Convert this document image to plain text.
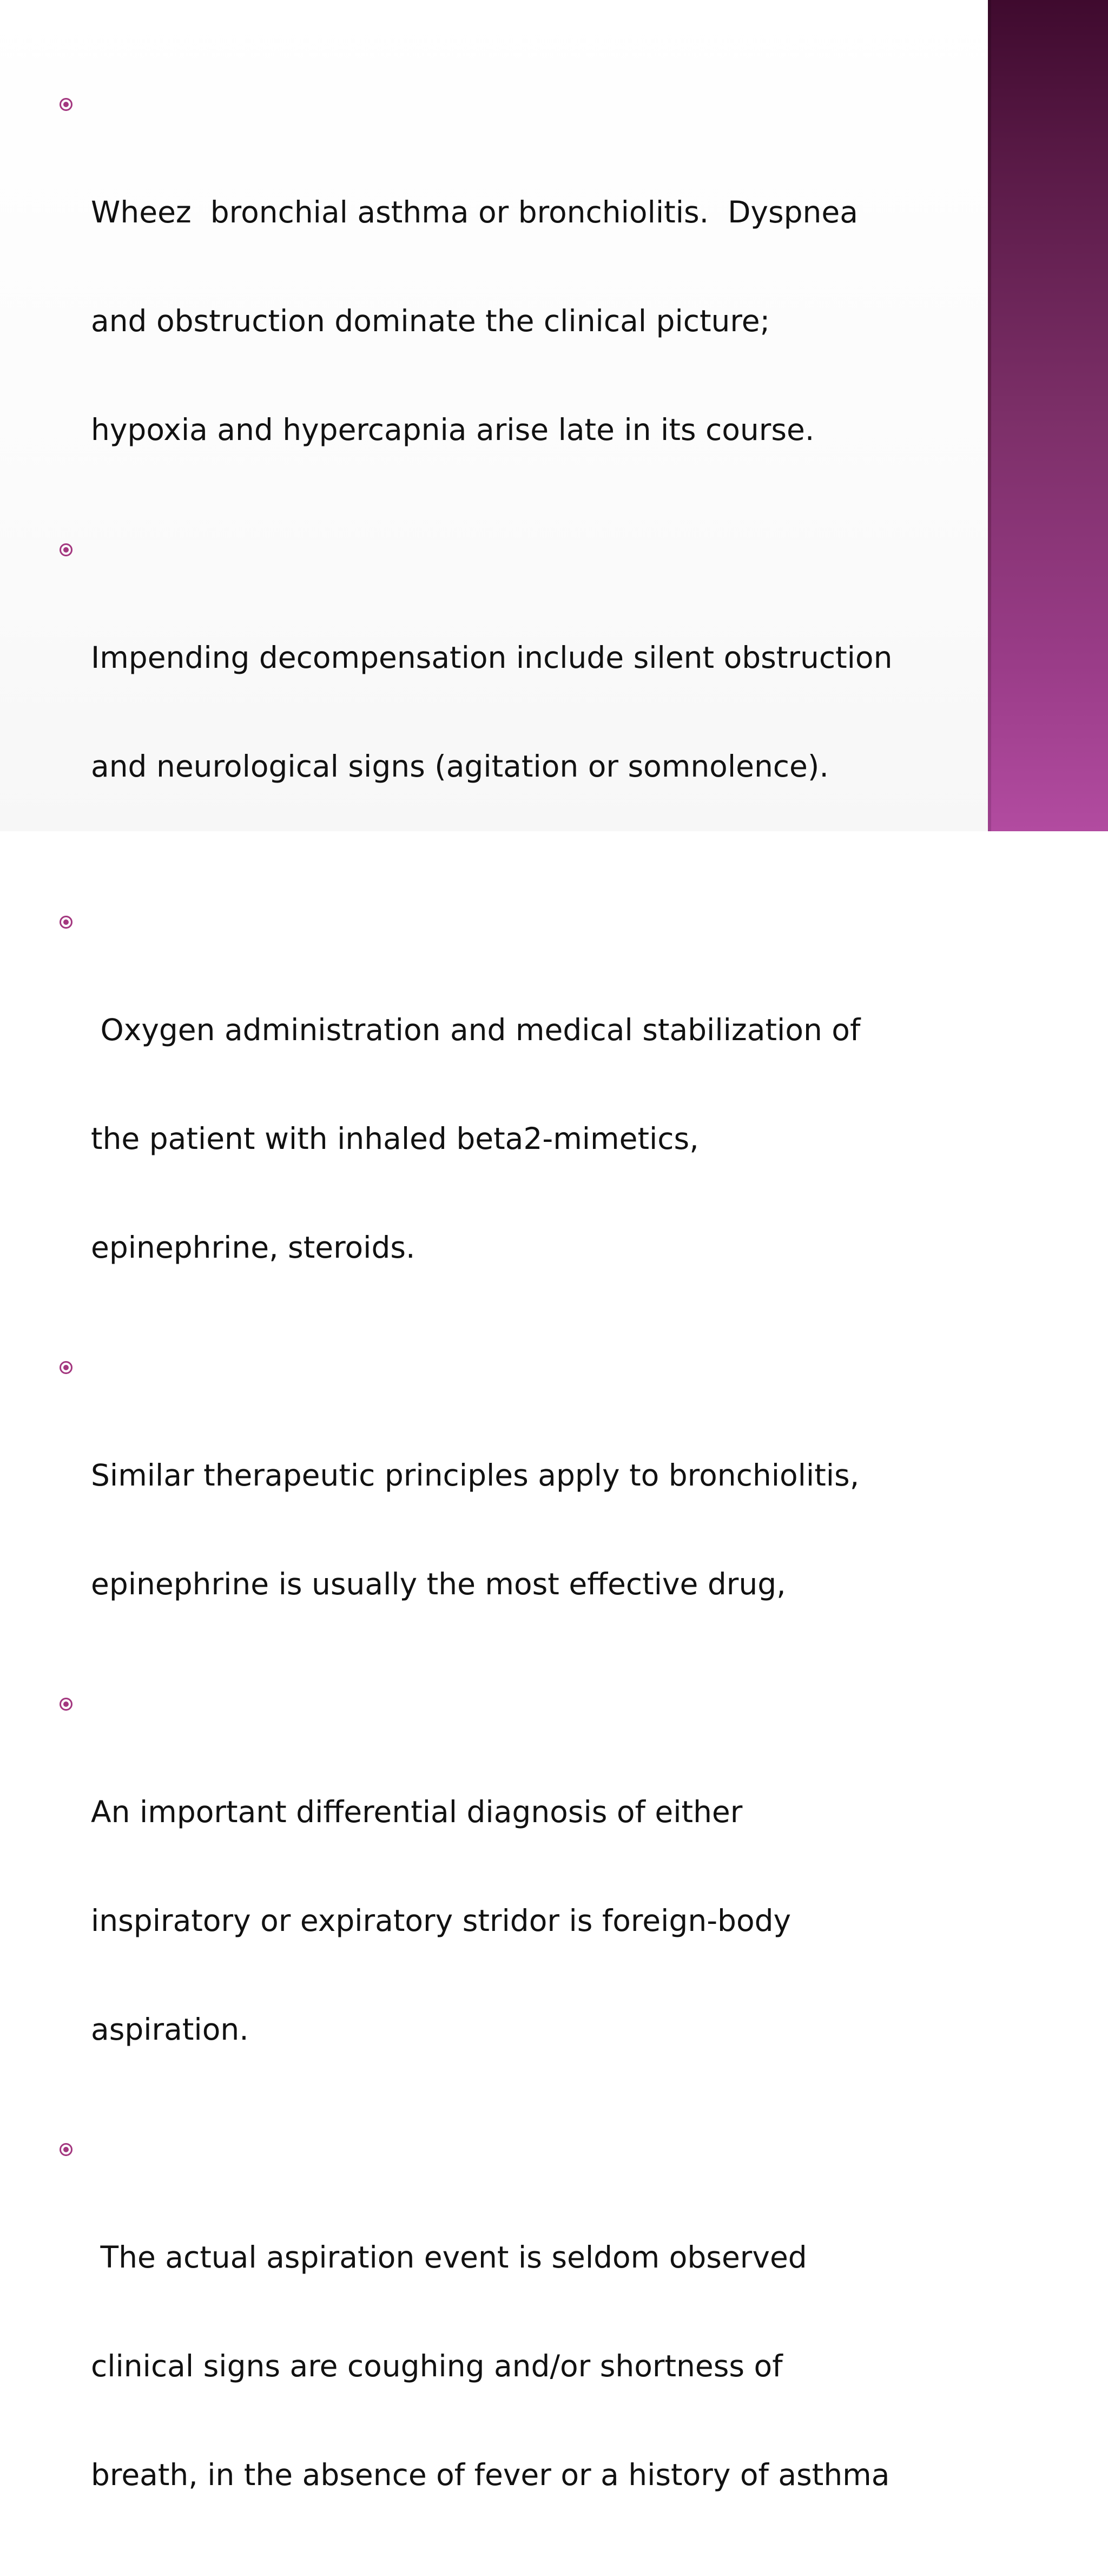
Wheez  bronchial asthma or bronchiolitis.  Dyspnea

and obstruction dominate the clinical picture;

hypoxia and hypercapnia arise late in its course.

Impending decompensation include silent obstruction

and neurological signs (agitation or somnolence).

Oxygen administration and medical stabilization of

the patient with inhaled beta2-mimetics,

epinephrine, steroids.

Similar therapeutic principles apply to bronchiolitis,

epinephrine is usually the most effective drug,

An important differential diagnosis of either

inspiratory or expiratory stridor is foreign-body

aspiration.

The actual aspiration event is seldom observed

clinical signs are coughing and/or shortness of

breath, in the absence of fever or a history of asthma
